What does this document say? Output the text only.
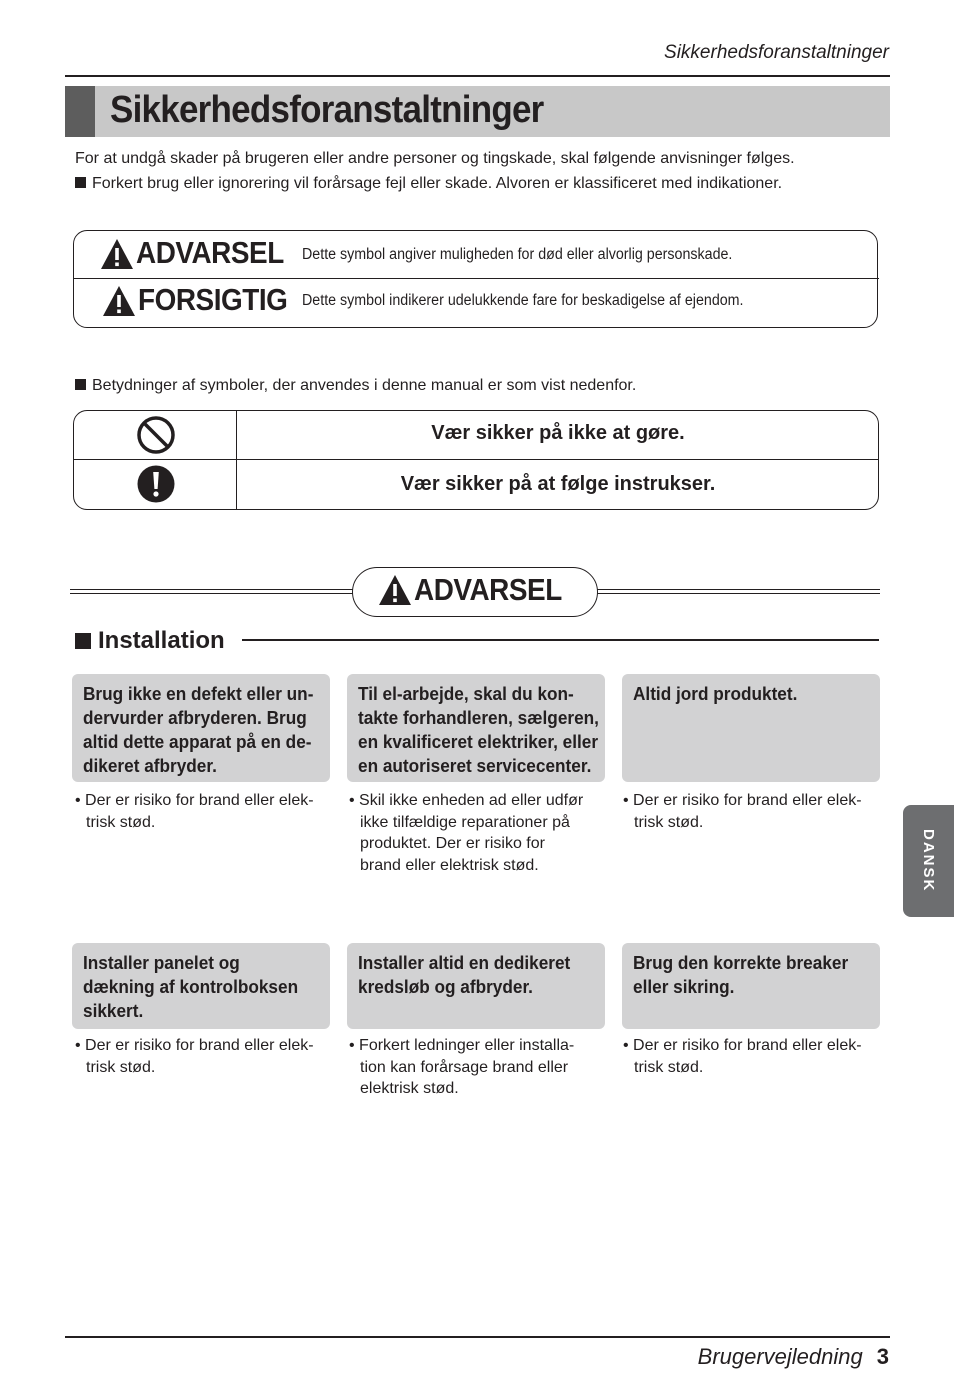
Sikkerhedsforanstaltninger
Sikkerhedsforanstaltninger
For at undgå skader på brugeren eller andre personer og tingskade, skal følgende anvisninger følges.
Forkert brug eller ignorering vil forårsage fejl eller skade. Alvoren er klassificeret med indikationer.
ADVARSEL Dette symbol angiver muligheden for død eller alvorlig personskade.
FORSIGTIG Dette symbol indikerer udelukkende fare for beskadigelse af ejendom.
Betydninger af symboler, der anvendes i denne manual er som vist nedenfor.
Vær sikker på ikke at gøre.
Vær sikker på at følge instrukser.
ADVARSEL
Installation
Brug ikke en defekt eller un-
dervurder afbryderen. Brug
altid dette apparat på en de-
dikeret afbryder.
Til el-arbejde, skal du kon-
takte forhandleren, sælgeren,
en kvalificeret elektriker, eller
en autoriseret servicecenter.
Altid jord produktet.
• Der er risiko for brand eller elek-
trisk stød.
• Skil ikke enheden ad eller udfør
ikke tilfældige reparationer på
produktet. Der er risiko for
brand eller elektrisk stød.
• Der er risiko for brand eller elek-
trisk stød.
Installer panelet og
dækning af kontrolboksen
sikkert.
Installer altid en dedikeret
kredsløb og afbryder.
Brug den korrekte breaker
eller sikring.
• Der er risiko for brand eller elek-
trisk stød.
• Forkert ledninger eller installa-
tion kan forårsage brand eller
elektrisk stød.
• Der er risiko for brand eller elek-
trisk stød.
DANSK
Brugervejledning 3
